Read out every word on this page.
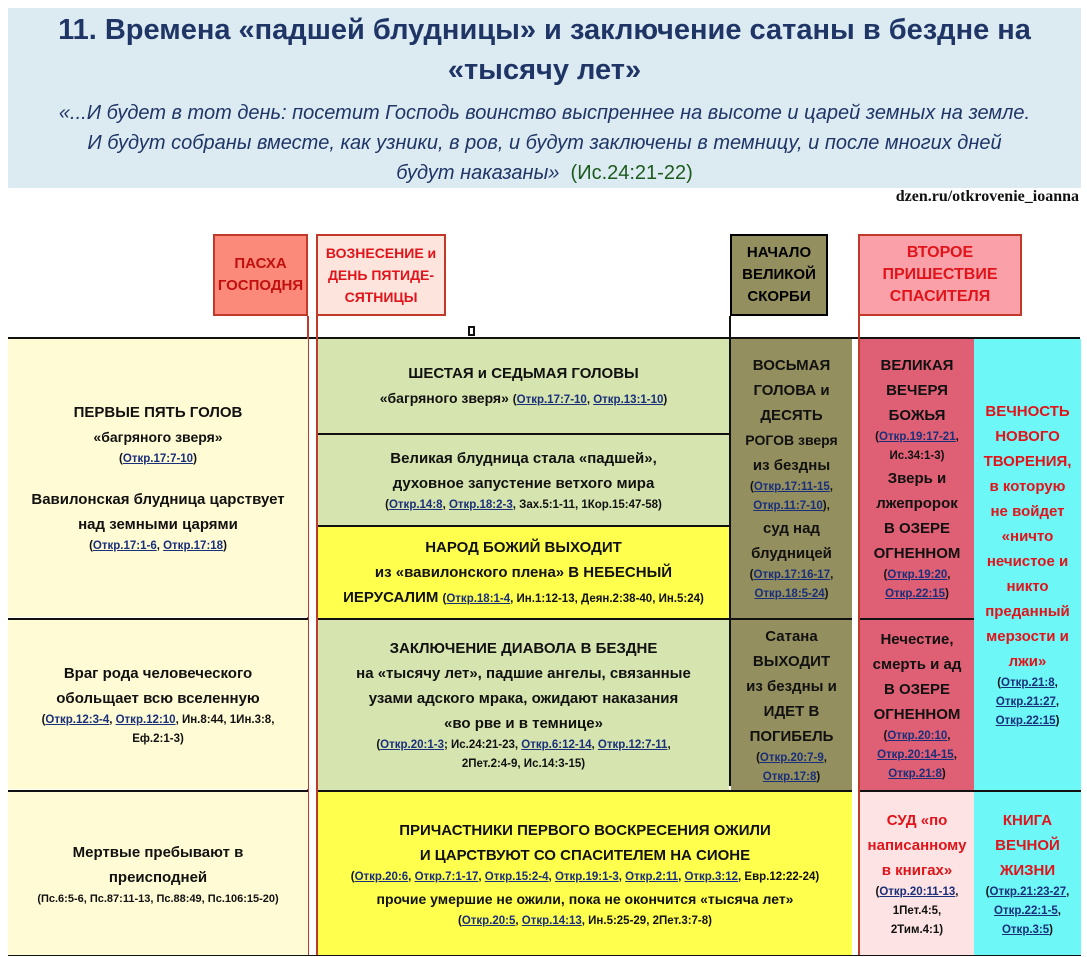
11. Времена «падшей блудницы» и заключение сатаны в бездне на
«тысячу лет»
«...И будет в тот день: посетит Господь воинство выспреннее на высоте и царей земных на земле.
И будут собраны вместе, как узники, в ров, и будут заключены в темницу, и после многих дней
будут наказаны» (Ис.24:21-22)
dzen.ru/otkrovenie_ioanna
ПАСХА ГОСПОДНЯ
ВОЗНЕСЕНИЕ и
ДЕНЬ ПЯТИДЕ-
СЯТНИЦЫ
НАЧАЛО
ВЕЛИКОЙ
СКОРБИ
ВТОРОЕ
ПРИШЕСТВИЕ
СПАСИТЕЛЯ
ПЕРВЫЕ ПЯТЬ ГОЛОВ
«багряного зверя»
(Откр.17:7-10)
Вавилонская блудница царствует
над земными царями
(Откр.17:1-6, Откр.17:18)
Враг рода человеческого
обольщает всю вселенную
(Откр.12:3-4, Откр.12:10, Ин.8:44, 1Ин.3:8,
Еф.2:1-3)
Мертвые пребывают в
преисподней
(Пс.6:5-6, Пс.87:11-13, Пс.88:49, Пс.106:15-20)
ШЕСТАЯ и СЕДЬМАЯ ГОЛОВЫ
«багряного зверя» (Откр.17:7-10, Откр.13:1-10)
Великая блудница стала «падшей»,
духовное запустение ветхого мира
(Откр.14:8, Откр.18:2-3, Зах.5:1-11, 1Кор.15:47-58)
НАРОД БОЖИЙ ВЫХОДИТ
из «вавилонского плена» В НЕБЕСНЫЙ
ИЕРУСАЛИМ (Откр.18:1-4, Ин.1:12-13, Деян.2:38-40, Ин.5:24)
ЗАКЛЮЧЕНИЕ ДИАВОЛА В БЕЗДНЕ
на «тысячу лет», падшие ангелы, связанные
узами адского мрака, ожидают наказания
«во рве и в темнице»
(Откр.20:1-3; Ис.24:21-23, Откр.6:12-14, Откр.12:7-11,
2Пет.2:4-9, Ис.14:3-15)
ПРИЧАСТНИКИ ПЕРВОГО ВОСКРЕСЕНИЯ ОЖИЛИ
И ЦАРСТВУЮТ СО СПАСИТЕЛЕМ НА СИОНЕ
(Откр.20:6, Откр.7:1-17, Откр.15:2-4, Откр.19:1-3, Откр.2:11, Откр.3:12, Евр.12:22-24)
прочие умершие не ожили, пока не окончится «тысяча лет»
(Откр.20:5, Откр.14:13, Ин.5:25-29, 2Пет.3:7-8)
ВОСЬМАЯ
ГОЛОВА и
ДЕСЯТЬ
РОГОВ зверя
из бездны
(Откр.17:11-15,
Откр.11:7-10),
суд над
блудницей
(Откр.17:16-17,
Откр.18:5-24)
Сатана
ВЫХОДИТ
из бездны и
ИДЕТ В
ПОГИБЕЛЬ
(Откр.20:7-9,
Откр.17:8)
ВЕЛИКАЯ
ВЕЧЕРЯ
БОЖЬЯ
(Откр.19:17-21,
Ис.34:1-3)
Зверь и
лжепророк
В ОЗЕРЕ
ОГНЕННОМ
(Откр.19:20,
Откр.22:15)
Нечестие,
смерть и ад
В ОЗЕРЕ
ОГНЕННОМ
(Откр.20:10,
Откр.20:14-15,
Откр.21:8)
СУД «по
написанному
в книгах»
(Откр.20:11-13,
1Пет.4:5,
2Тим.4:1)
ВЕЧНОСТЬ
НОВОГО
ТВОРЕНИЯ,
в которую
не войдет
«ничто
нечистое и
никто
преданный
мерзости и
лжи»
(Откр.21:8,
Откр.21:27,
Откр.22:15)
КНИГА
ВЕЧНОЙ
ЖИЗНИ
(Откр.21:23-27,
Откр.22:1-5,
Откр.3:5)
